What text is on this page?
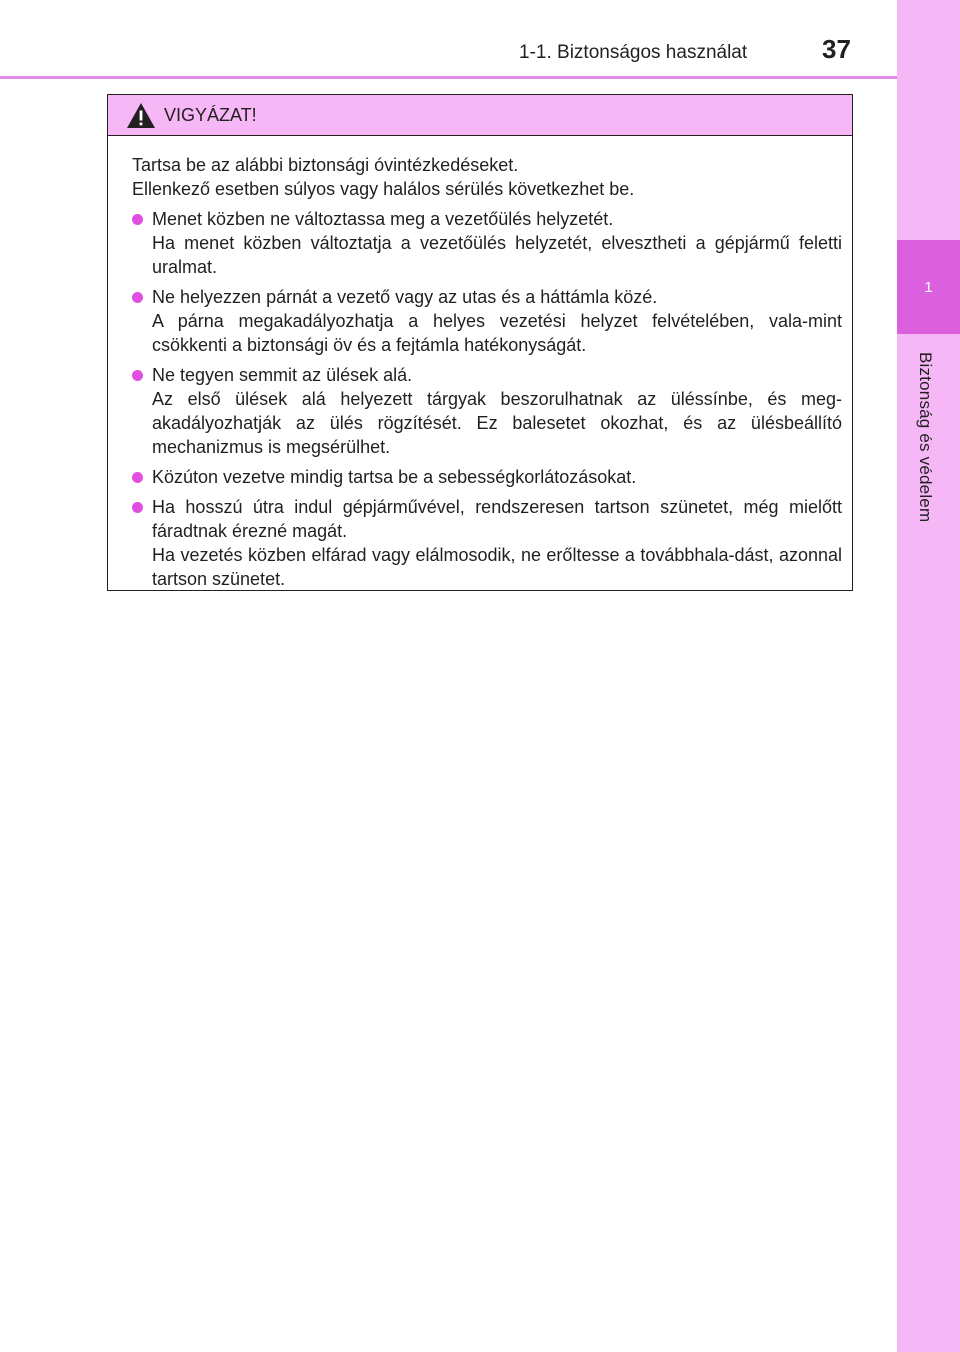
1-1. Biztonságos használat	37
1
Biztonság és védelem
VIGYÁZAT!

Tartsa be az alábbi biztonsági óvintézkedéseket.

Ellenkező esetben súlyos vagy halálos sérülés következhet be.

Menet közben ne változtassa meg a vezetőülés helyzetét.

Ha menet közben változtatja a vezetőülés helyzetét, elvesztheti a gépjármű feletti uralmat.

Ne helyezzen párnát a vezető vagy az utas és a háttámla közé.

A párna megakadályozhatja a helyes vezetési helyzet felvételében, vala-mint csökkenti a biztonsági öv és a fejtámla hatékonyságát.

Ne tegyen semmit az ülések alá.

Az első ülések alá helyezett tárgyak beszorulhatnak az üléssínbe, és meg-akadályozhatják az ülés rögzítését. Ez balesetet okozhat, és az ülésbeállító mechanizmus is megsérülhet.

Közúton vezetve mindig tartsa be a sebességkorlátozásokat.

Ha hosszú útra indul gépjárművével, rendszeresen tartson szünetet, még mielőtt fáradtnak érezné magát.

Ha vezetés közben elfárad vagy elálmosodik, ne erőltesse a továbbhala-dást, azonnal tartson szünetet.
